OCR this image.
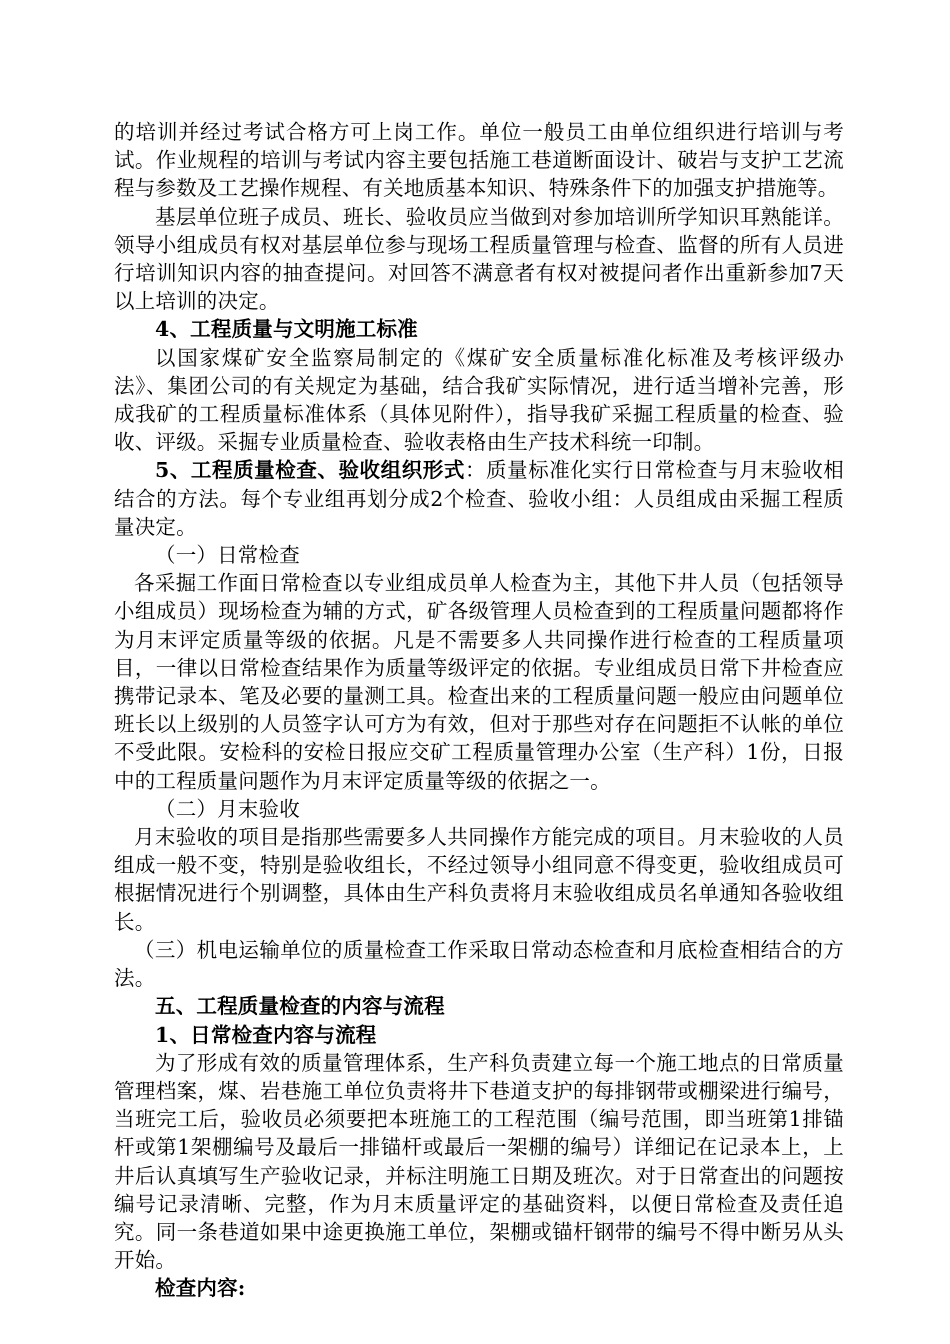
的培训并经过考试合格方可上岗工作。单位一般员工由单位组织进行培训与考试。作业规程的培训与考试内容主要包括施工巷道断面设计、破岩与支护工艺流程与参数及工艺操作规程、有关地质基本知识、特殊条件下的加强支护措施等。

基层单位班子成员、班长、验收员应当做到对参加培训所学知识耳熟能详。领导小组成员有权对基层单位参与现场工程质量管理与检查、监督的所有人员进行培训知识内容的抽查提问。对回答不满意者有权对被提问者作出重新参加7天以上培训的决定。

4、工程质量与文明施工标准

以国家煤矿安全监察局制定的《煤矿安全质量标准化标准及考核评级办法》、集团公司的有关规定为基础，结合我矿实际情况，进行适当增补完善，形成我矿的工程质量标准体系（具体见附件），指导我矿采掘工程质量的检查、验收、评级。采掘专业质量检查、验收表格由生产技术科统一印制。

5、工程质量检查、验收组织形式：质量标准化实行日常检查与月末验收相结合的方法。每个专业组再划分成2个检查、验收小组：人员组成由采掘工程质量决定。

（一）日常检查

各采掘工作面日常检查以专业组成员单人检查为主，其他下井人员（包括领导小组成员）现场检查为辅的方式，矿各级管理人员检查到的工程质量问题都将作为月末评定质量等级的依据。凡是不需要多人共同操作进行检查的工程质量项目，一律以日常检查结果作为质量等级评定的依据。专业组成员日常下井检查应携带记录本、笔及必要的量测工具。检查出来的工程质量问题一般应由问题单位班长以上级别的人员签字认可方为有效，但对于那些对存在问题拒不认帐的单位不受此限。安检科的安检日报应交矿工程质量管理办公室（生产科）1份，日报中的工程质量问题作为月末评定质量等级的依据之一。

（二）月末验收

月末验收的项目是指那些需要多人共同操作方能完成的项目。月末验收的人员组成一般不变，特别是验收组长，不经过领导小组同意不得变更，验收组成员可根据情况进行个别调整，具体由生产科负责将月末验收组成员名单通知各验收组长。

（三）机电运输单位的质量检查工作采取日常动态检查和月底检查相结合的方法。

五、工程质量检查的内容与流程

1、日常检查内容与流程

为了形成有效的质量管理体系，生产科负责建立每一个施工地点的日常质量管理档案，煤、岩巷施工单位负责将井下巷道支护的每排钢带或棚梁进行编号，当班完工后，验收员必须要把本班施工的工程范围（编号范围，即当班第1排锚杆或第1架棚编号及最后一排锚杆或最后一架棚的编号）详细记在记录本上，上井后认真填写生产验收记录，并标注明施工日期及班次。对于日常查出的问题按编号记录清晰、完整，作为月末质量评定的基础资料，以便日常检查及责任追究。同一条巷道如果中途更换施工单位，架棚或锚杆钢带的编号不得中断另从头开始。

检查内容:
